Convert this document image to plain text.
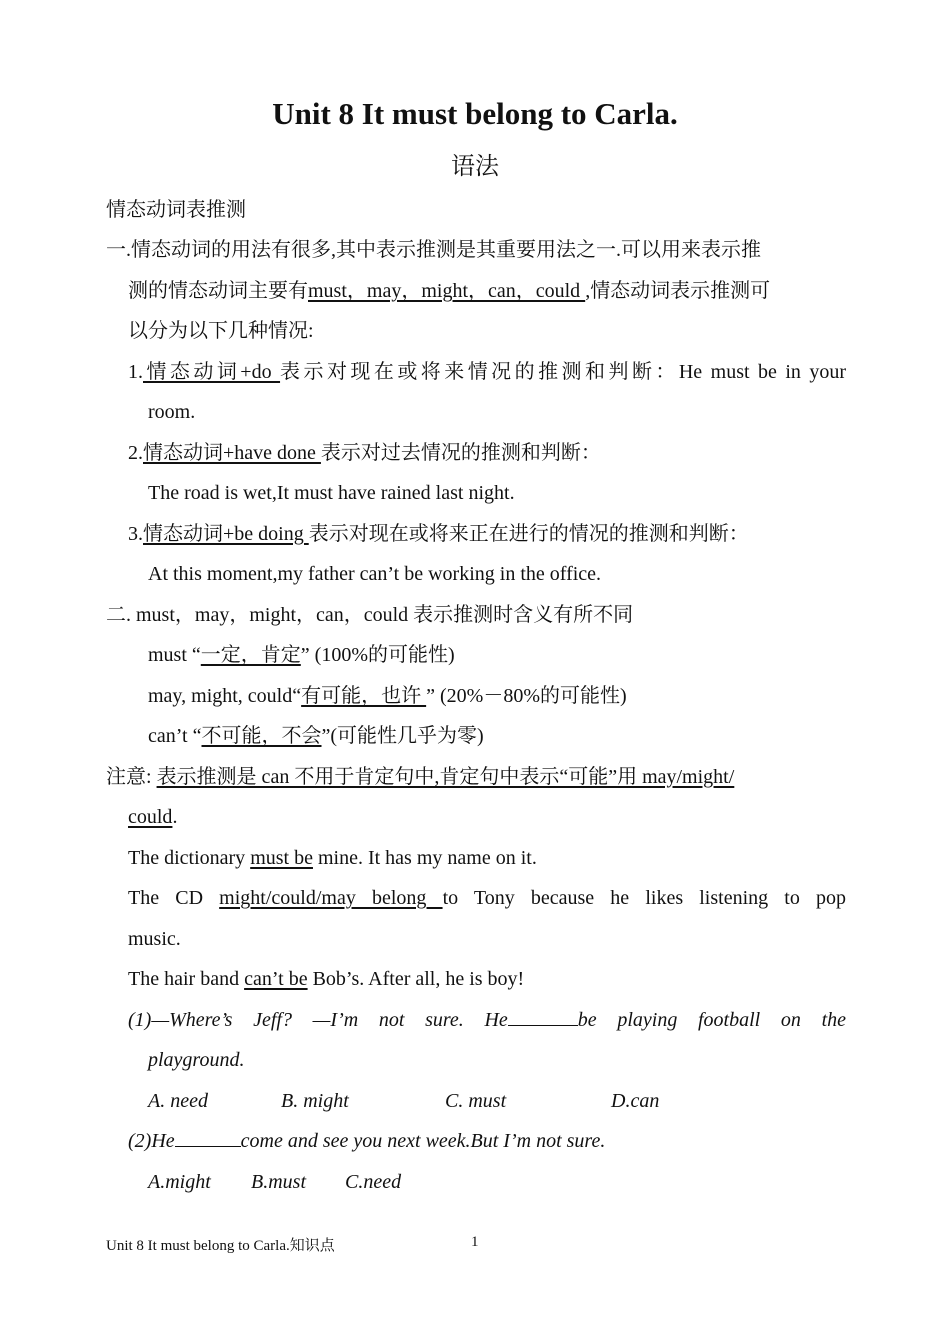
Unit 8 It must belong to Carla.
语法
情态动词表推测
一.情态动词的用法有很多,其中表示推测是其重要用法之一.可以用来表示推
测的情态动词主要有must，may，might，can，could ,情态动词表示推测可
以分为以下几种情况:
1.情态动词+do 表示对现在或将来情况的推测和判断：He must be in your
room.
2.情态动词+have done 表示对过去情况的推测和判断：
The road is wet,It must have rained last night.
3.情态动词+be doing 表示对现在或将来正在进行的情况的推测和判断：
At this moment,my father can’t be working in the office.
二. must，may，might，can，could 表示推测时含义有所不同
must “一定，肯定” (100%的可能性)
may, might, could“有可能，也许 ” (20%－80%的可能性)
can’t “不可能，不会”(可能性几乎为零)
注意: 表示推测是 can 不用于肯定句中,肯定句中表示“可能”用 may/might/
could.
The dictionary must be mine. It has my name on it.
The CD might/could/may belong to Tony because he likes listening to pop
music.
The hair band can’t be Bob’s. After all, he is boy!
(1)—Where’s Jeff? —I’m not sure. He	be playing football on the
playground.
A. need	B. might	C. must	D.can
(2)He	come and see you next week.But I’m not sure.
A.might B.must C.need
Unit 8 It must belong to Carla.知识点	1
